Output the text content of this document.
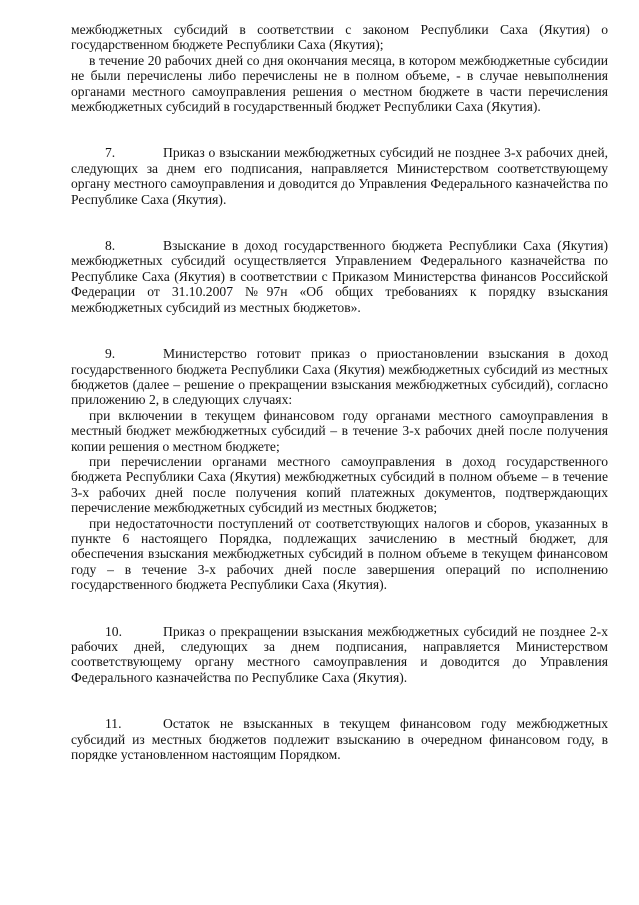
межбюджетных субсидий в соответствии с законом Республики Саха (Якутия) о государственном бюджете Республики Саха (Якутия);

в течение 20 рабочих дней со дня окончания месяца, в котором межбюджетные субсидии не были перечислены либо перечислены не в полном объеме, - в случае невыполнения органами местного самоуправления решения о местном бюджете в части перечисления межбюджетных субсидий в государственный бюджет Республики Саха (Якутия).

7.	Приказ о взыскании межбюджетных субсидий не позднее 3-х рабочих дней, следующих за днем его подписания, направляется Министерством соответствующему органу местного самоуправления и доводится до Управления Федерального казначейства по Республике Саха (Якутия).

8.	Взыскание в доход государственного бюджета Республики Саха (Якутия) межбюджетных субсидий осуществляется Управлением Федерального казначейства по Республике Саха (Якутия) в соответствии с Приказом Министерства финансов Российской Федерации от 31.10.2007 №97н «Об общих требованиях к порядку взыскания межбюджетных субсидий из местных бюджетов».

9.	Министерство готовит приказ о приостановлении взыскания в доход государственного бюджета Республики Саха (Якутия) межбюджетных субсидий из местных бюджетов (далее – решение о прекращении взыскания межбюджетных субсидий), согласно приложению 2, в следующих случаях:

при включении в текущем финансовом году органами местного самоуправления в местный бюджет межбюджетных субсидий – в течение 3-х рабочих дней после получения копии решения о местном бюджете;

при перечислении органами местного самоуправления в доход государственного бюджета Республики Саха (Якутия) межбюджетных субсидий в полном объеме – в течение 3-х рабочих дней после получения копий платежных документов, подтверждающих перечисление межбюджетных субсидий из местных бюджетов;

при недостаточности поступлений от соответствующих налогов и сборов, указанных в пункте 6 настоящего Порядка, подлежащих зачислению в местный бюджет, для обеспечения взыскания межбюджетных субсидий в полном объеме в текущем финансовом году – в течение 3-х рабочих дней после завершения операций по исполнению государственного бюджета Республики Саха (Якутия).

10.	Приказ о прекращении взыскания межбюджетных субсидий не позднее 2-х рабочих дней, следующих за днем подписания, направляется Министерством соответствующему органу местного самоуправления и доводится до Управления Федерального казначейства по Республике Саха (Якутия).

11.	Остаток не взысканных в текущем финансовом году межбюджетных субсидий из местных бюджетов подлежит взысканию в очередном финансовом году, в порядке установленном настоящим Порядком.
